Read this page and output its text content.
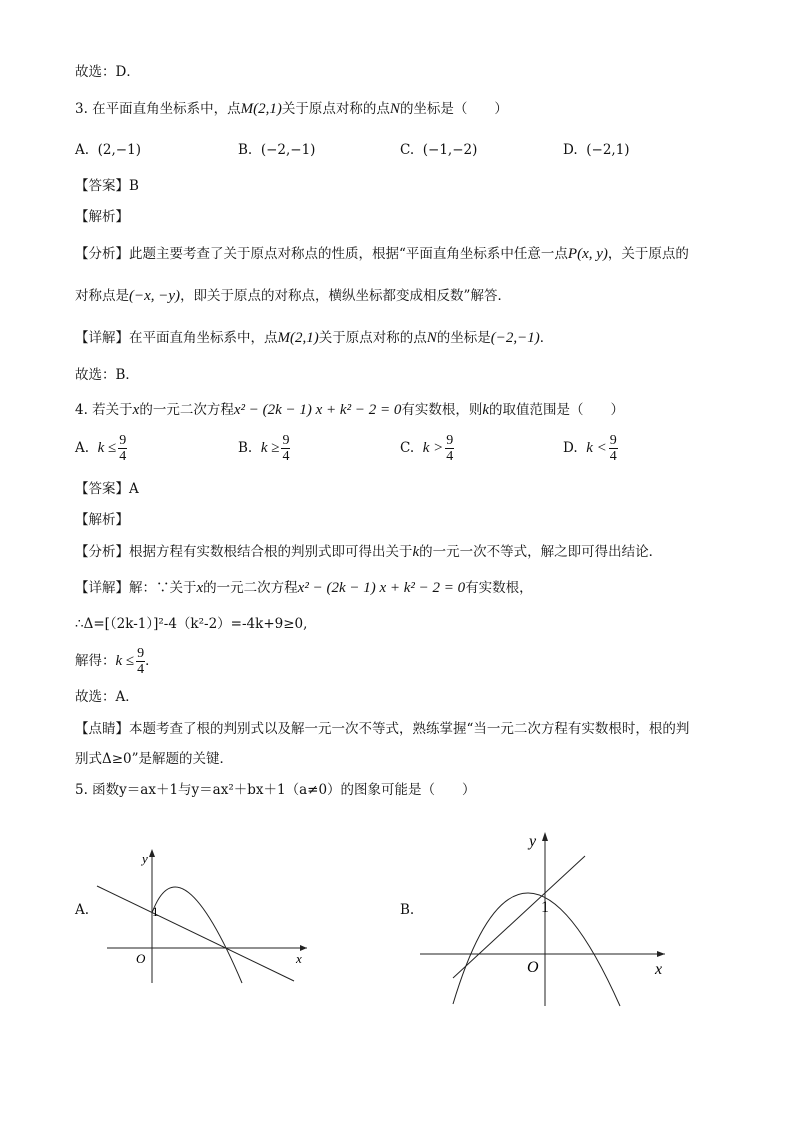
故选：D．
3. 在平面直角坐标系中，点M(2,1)关于原点对称的点N的坐标是（　　）
A. (2,−1)	B. (−2,−1)	C. (−1,−2)	D. (−2,1)
【答案】B
【解析】
【分析】此题主要考查了关于原点对称点的性质，根据“平面直角坐标系中任意一点P(x, y)，关于原点的
对称点是(−x, −y)，即关于原点的对称点，横纵坐标都变成相反数”解答．
【详解】在平面直角坐标系中，点M(2,1)关于原点对称的点N的坐标是(−2,−1)．
故选：B．
4. 若关于x的一元二次方程x² − (2k − 1) x + k² − 2 = 0有实数根，则k的取值范围是（　　）
A. $k \le \frac{9}{4}$	B. $k \ge \frac{9}{4}$	C. $k > \frac{9}{4}$	D. $k < \frac{9}{4}$
【答案】A
【解析】
【分析】根据方程有实数根结合根的判别式即可得出关于k的一元一次不等式，解之即可得出结论．
【详解】解：∵关于x的一元二次方程x² − (2k − 1) x + k² − 2 = 0有实数根，
∴Δ=[（2k-1）]²-4（k²-2）=-4k+9≥0,
解得：$k \le \frac{9}{4}$ ．
故选：A．
【点睛】本题考查了根的判别式以及解一元一次不等式，熟练掌握“当一元二次方程有实数根时，根的判
别式Δ≥0”是解题的关键．
5. 函数y＝ax＋1与y＝ax²＋bx＋1（a≠0）的图象可能是（　　）
A.
y
x
O
1	B.
y
x
O
1
